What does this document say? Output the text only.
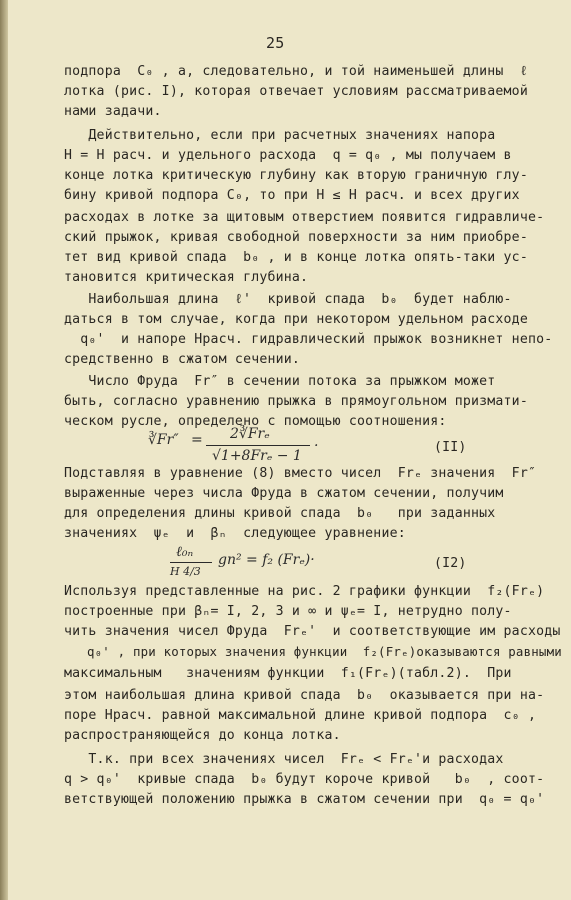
25
подпора  C₀ , а, следовательно, и той наименьшей длины  ℓ
лотка (рис. I), которая отвечает условиям рассматриваемой
нами задачи.
Действительно, если при расчетных значениях напора
Н = Н расч. и удельного расхода  q = q₀ , мы получаем в
конце лотка критическую глубину как вторую граничную глу-
бину кривой подпора C₀, то при Н ≤ Н расч. и всех других
расходах в лотке за щитовым отверстием появится гидравличе-
ский прыжок, кривая свободной поверхности за ним приобре-
тет вид кривой спада  b₀ , и в конце лотка опять-таки ус-
тановится критическая глубина.
Наибольшая длина  ℓ'  кривой спада  b₀  будет наблю-
даться в том случае, когда при некотором удельном расходе
q₀'  и напоре Нрасч. гидравлический прыжок возникнет непо-
средственно в сжатом сечении.
Число Фруда  Fr″ в сечении потока за прыжком может
быть, согласно уравнению прыжка в прямоугольном призмати-
ческом русле, определено с помощью соотношения:
∛Fr″ = 2∛Frₑ
√1+8Frₑ − 1
.	(II)
Подставляя в уравнение (8) вместо чисел  Frₑ значения  Fr″
выраженные через числа Фруда в сжатом сечении, получим
для определения длины кривой спада  b₀   при заданных
значениях  ψₑ  и  βₙ  следующее уравнение:
ℓ₀ₙ
H 4/3
gn² = f₂ (Frₑ)·	(I2)
Используя представленные на рис. 2 графики функции  f₂(Frₑ)
построенные при βₙ= I, 2, 3 и ∞ и ψₑ= I, нетрудно полу-
чить значения чисел Фруда  Frₑ'  и соответствующие им расходы
q₀' , при которых значения функции  f₂(Frₑ)оказываются равными
максимальным   значениям функции  f₁(Frₑ)(табл.2).  При
этом наибольшая длина кривой спада  b₀  оказывается при на-
поре Нрасч. равной максимальной длине кривой подпора  c₀ ,
распространяющейся до конца лотка.
Т.к. при всех значениях чисел  Frₑ < Frₑ'и расходах
q > q₀'  кривые спада  b₀ будут короче кривой   b₀  , соот-
ветствующей положению прыжка в сжатом сечении при  q₀ = q₀'
